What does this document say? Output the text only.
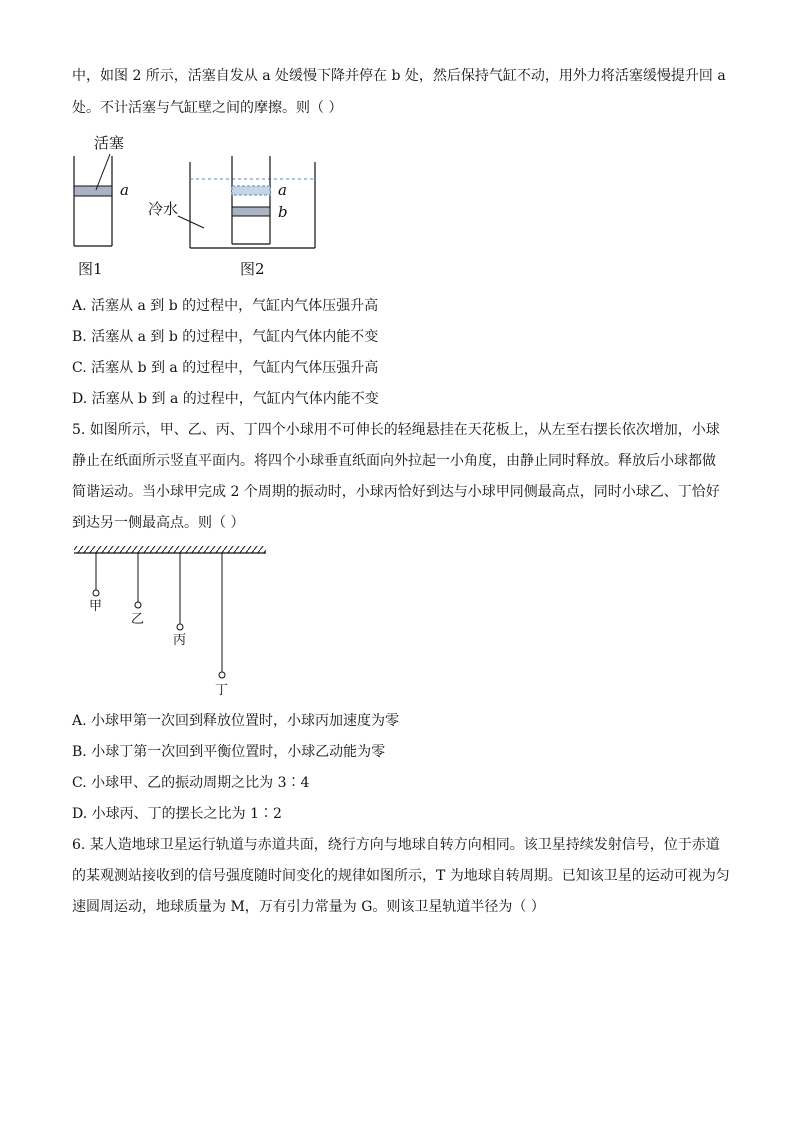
中，如图 2 所示，活塞自发从 a 处缓慢下降并停在 b 处，然后保持气缸不动，用外力将活塞缓慢提升回 a
处。不计活塞与气缸壁之间的摩擦。则（ ）
活塞
a
图1
冷水
a
b
图2
A. 活塞从 a 到 b 的过程中，气缸内气体压强升高
B. 活塞从 a 到 b 的过程中，气缸内气体内能不变
C. 活塞从 b 到 a 的过程中，气缸内气体压强升高
D. 活塞从 b 到 a 的过程中，气缸内气体内能不变
5. 如图所示，甲、乙、丙、丁四个小球用不可伸长的轻绳悬挂在天花板上，从左至右摆长依次增加，小球
静止在纸面所示竖直平面内。将四个小球垂直纸面向外拉起一小角度，由静止同时释放。释放后小球都做
简谐运动。当小球甲完成 2 个周期的振动时，小球丙恰好到达与小球甲同侧最高点，同时小球乙、丁恰好
到达另一侧最高点。则（ ）
甲
乙
丙
丁
A. 小球甲第一次回到释放位置时，小球丙加速度为零
B. 小球丁第一次回到平衡位置时，小球乙动能为零
C. 小球甲、乙的振动周期之比为 3∶4
D. 小球丙、丁的摆长之比为 1∶2
6. 某人造地球卫星运行轨道与赤道共面，绕行方向与地球自转方向相同。该卫星持续发射信号，位于赤道
的某观测站接收到的信号强度随时间变化的规律如图所示，T 为地球自转周期。已知该卫星的运动可视为匀
速圆周运动，地球质量为 M，万有引力常量为 G。则该卫星轨道半径为（ ）
